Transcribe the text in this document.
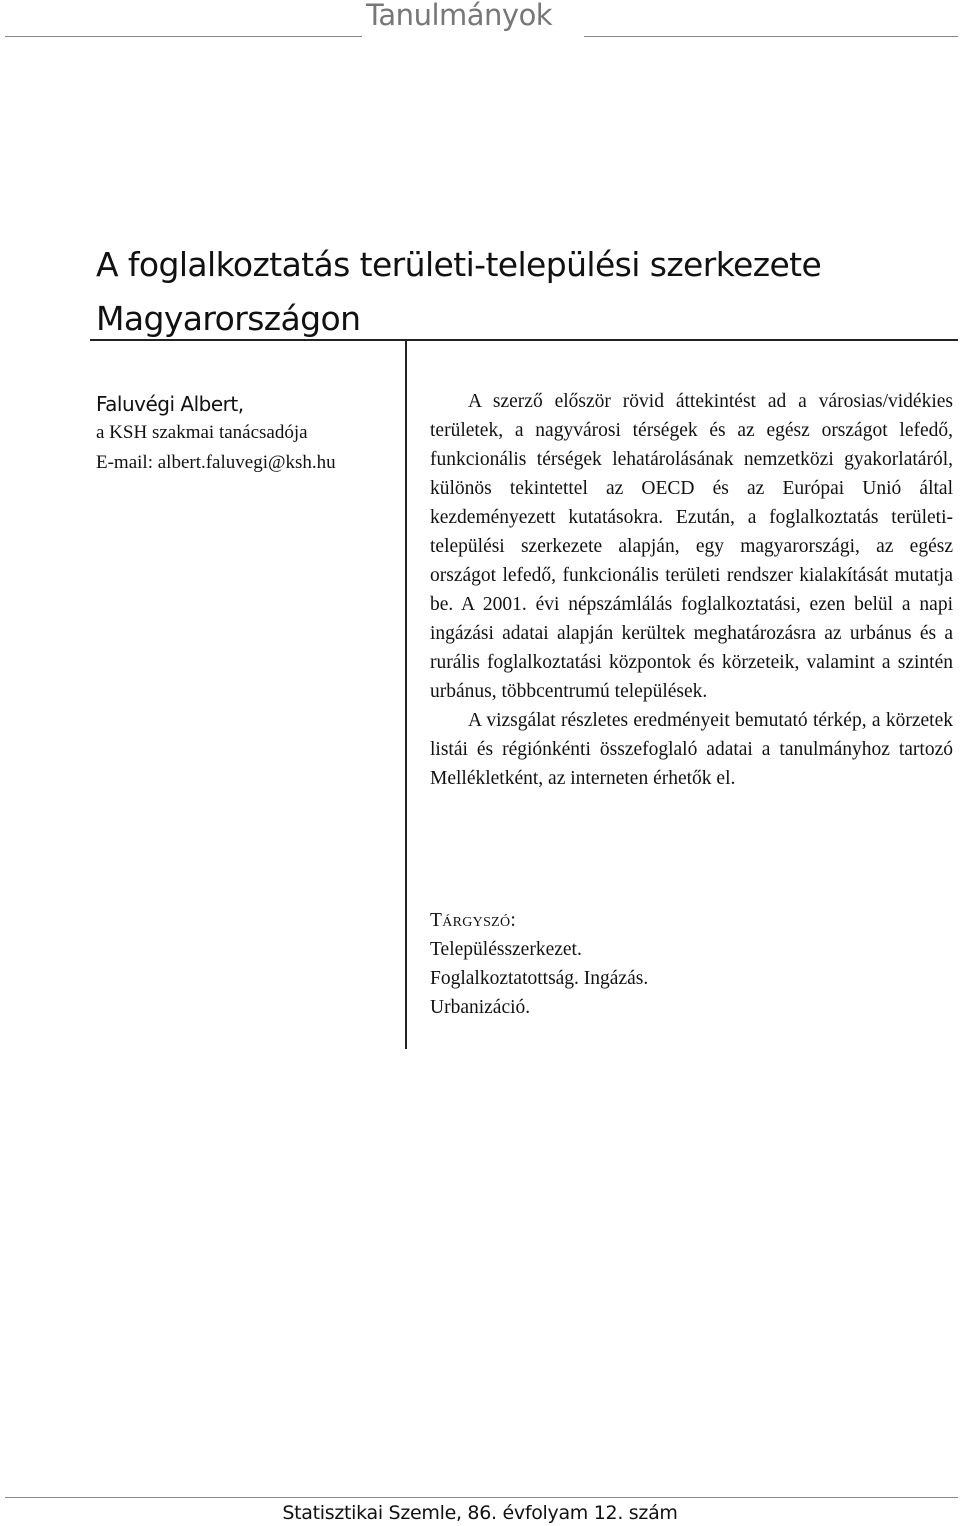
Tanulmányok
A foglalkoztatás területi-települési szerkezete
Magyarországon
Faluvégi Albert,
a KSH szakmai tanácsadója
E-mail: albert.faluvegi@ksh.hu

A szerző először rövid áttekintést ad a városias/vidékies területek, a nagyvárosi térségek és az egész országot lefedő, funkcionális térségek lehatárolásának nemzetközi gyakorlatáról, különös tekintettel az OECD és az Európai Unió által kezdeményezett kutatásokra. Ezután, a foglalkoztatás területi-települési szerkezete alapján, egy magyarországi, az egész országot lefedő, funkcionális területi rendszer kialakítását mutatja be. A 2001. évi népszámlálás foglalkoztatási, ezen belül a napi ingázási adatai alapján kerültek meghatározásra az urbánus és a rurális foglalkoztatási központok és körzeteik, valamint a szintén urbánus, többcentrumú települések.

A vizsgálat részletes eredményeit bemutató térkép, a körzetek listái és régiónkénti összefoglaló adatai a tanulmányhoz tartozó Mellékletként, az interneten érhetők el.

Tárgyszó:
Településszerkezet.
Foglalkoztatottság. Ingázás.
Urbanizáció.
Statisztikai Szemle, 86. évfolyam 12. szám
